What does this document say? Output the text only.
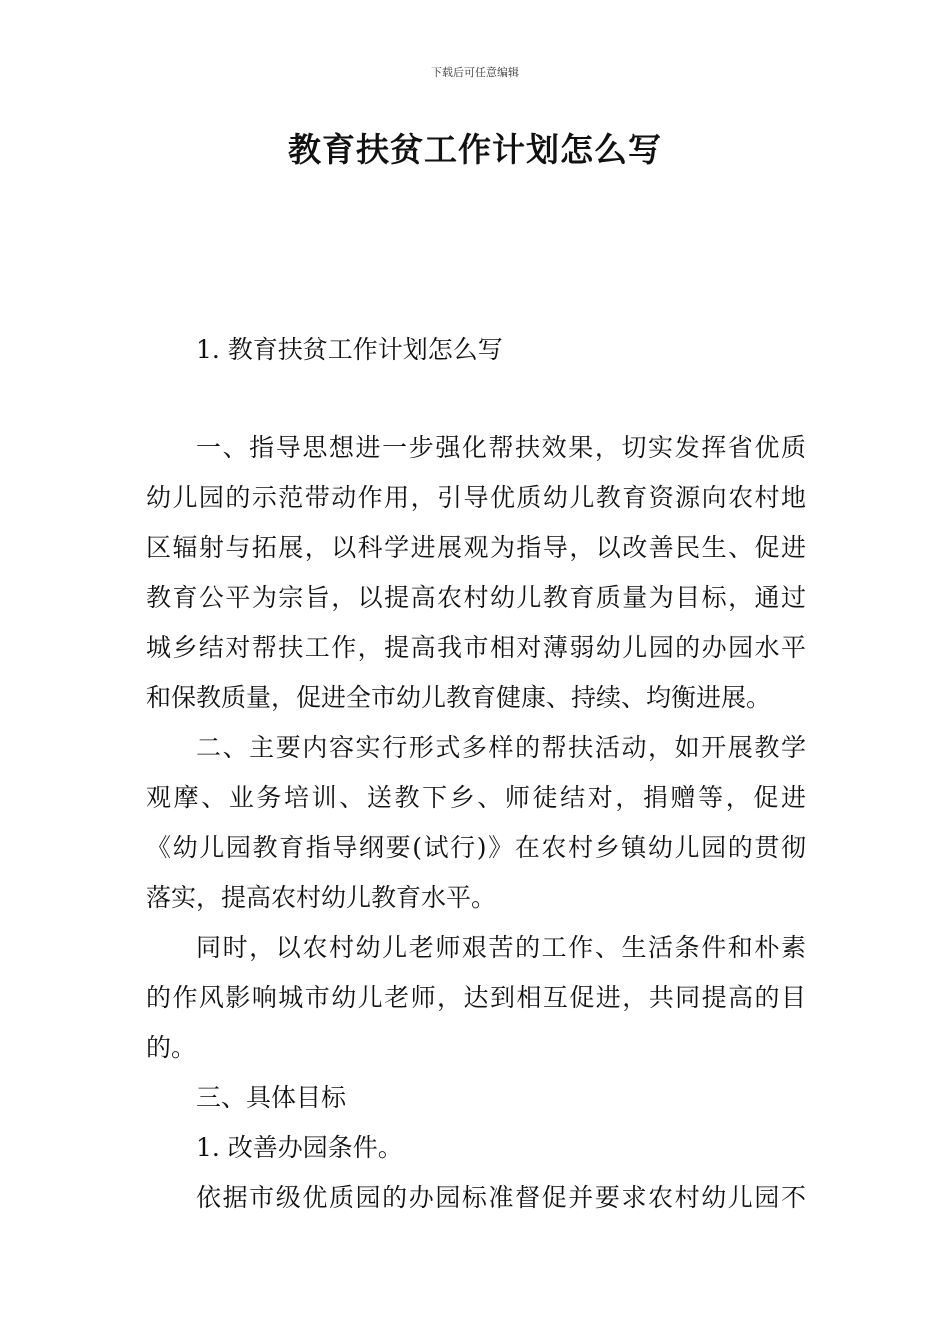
下载后可任意编辑
教育扶贫工作计划怎么写

1. 教育扶贫工作计划怎么写

一、指导思想进一步强化帮扶效果，切实发挥省优质

幼儿园的示范带动作用，引导优质幼儿教育资源向农村地

区辐射与拓展，以科学进展观为指导，以改善民生、促进

教育公平为宗旨，以提高农村幼儿教育质量为目标，通过

城乡结对帮扶工作，提高我市相对薄弱幼儿园的办园水平

和保教质量，促进全市幼儿教育健康、持续、均衡进展。

二、主要内容实行形式多样的帮扶活动，如开展教学

观摩、业务培训、送教下乡、师徒结对，捐赠等，促进

《幼儿园教育指导纲要(试行)》在农村乡镇幼儿园的贯彻

落实，提高农村幼儿教育水平。

同时，以农村幼儿老师艰苦的工作、生活条件和朴素

的作风影响城市幼儿老师，达到相互促进，共同提高的目

的。

三、具体目标

1. 改善办园条件。

依据市级优质园的办园标准督促并要求农村幼儿园不
